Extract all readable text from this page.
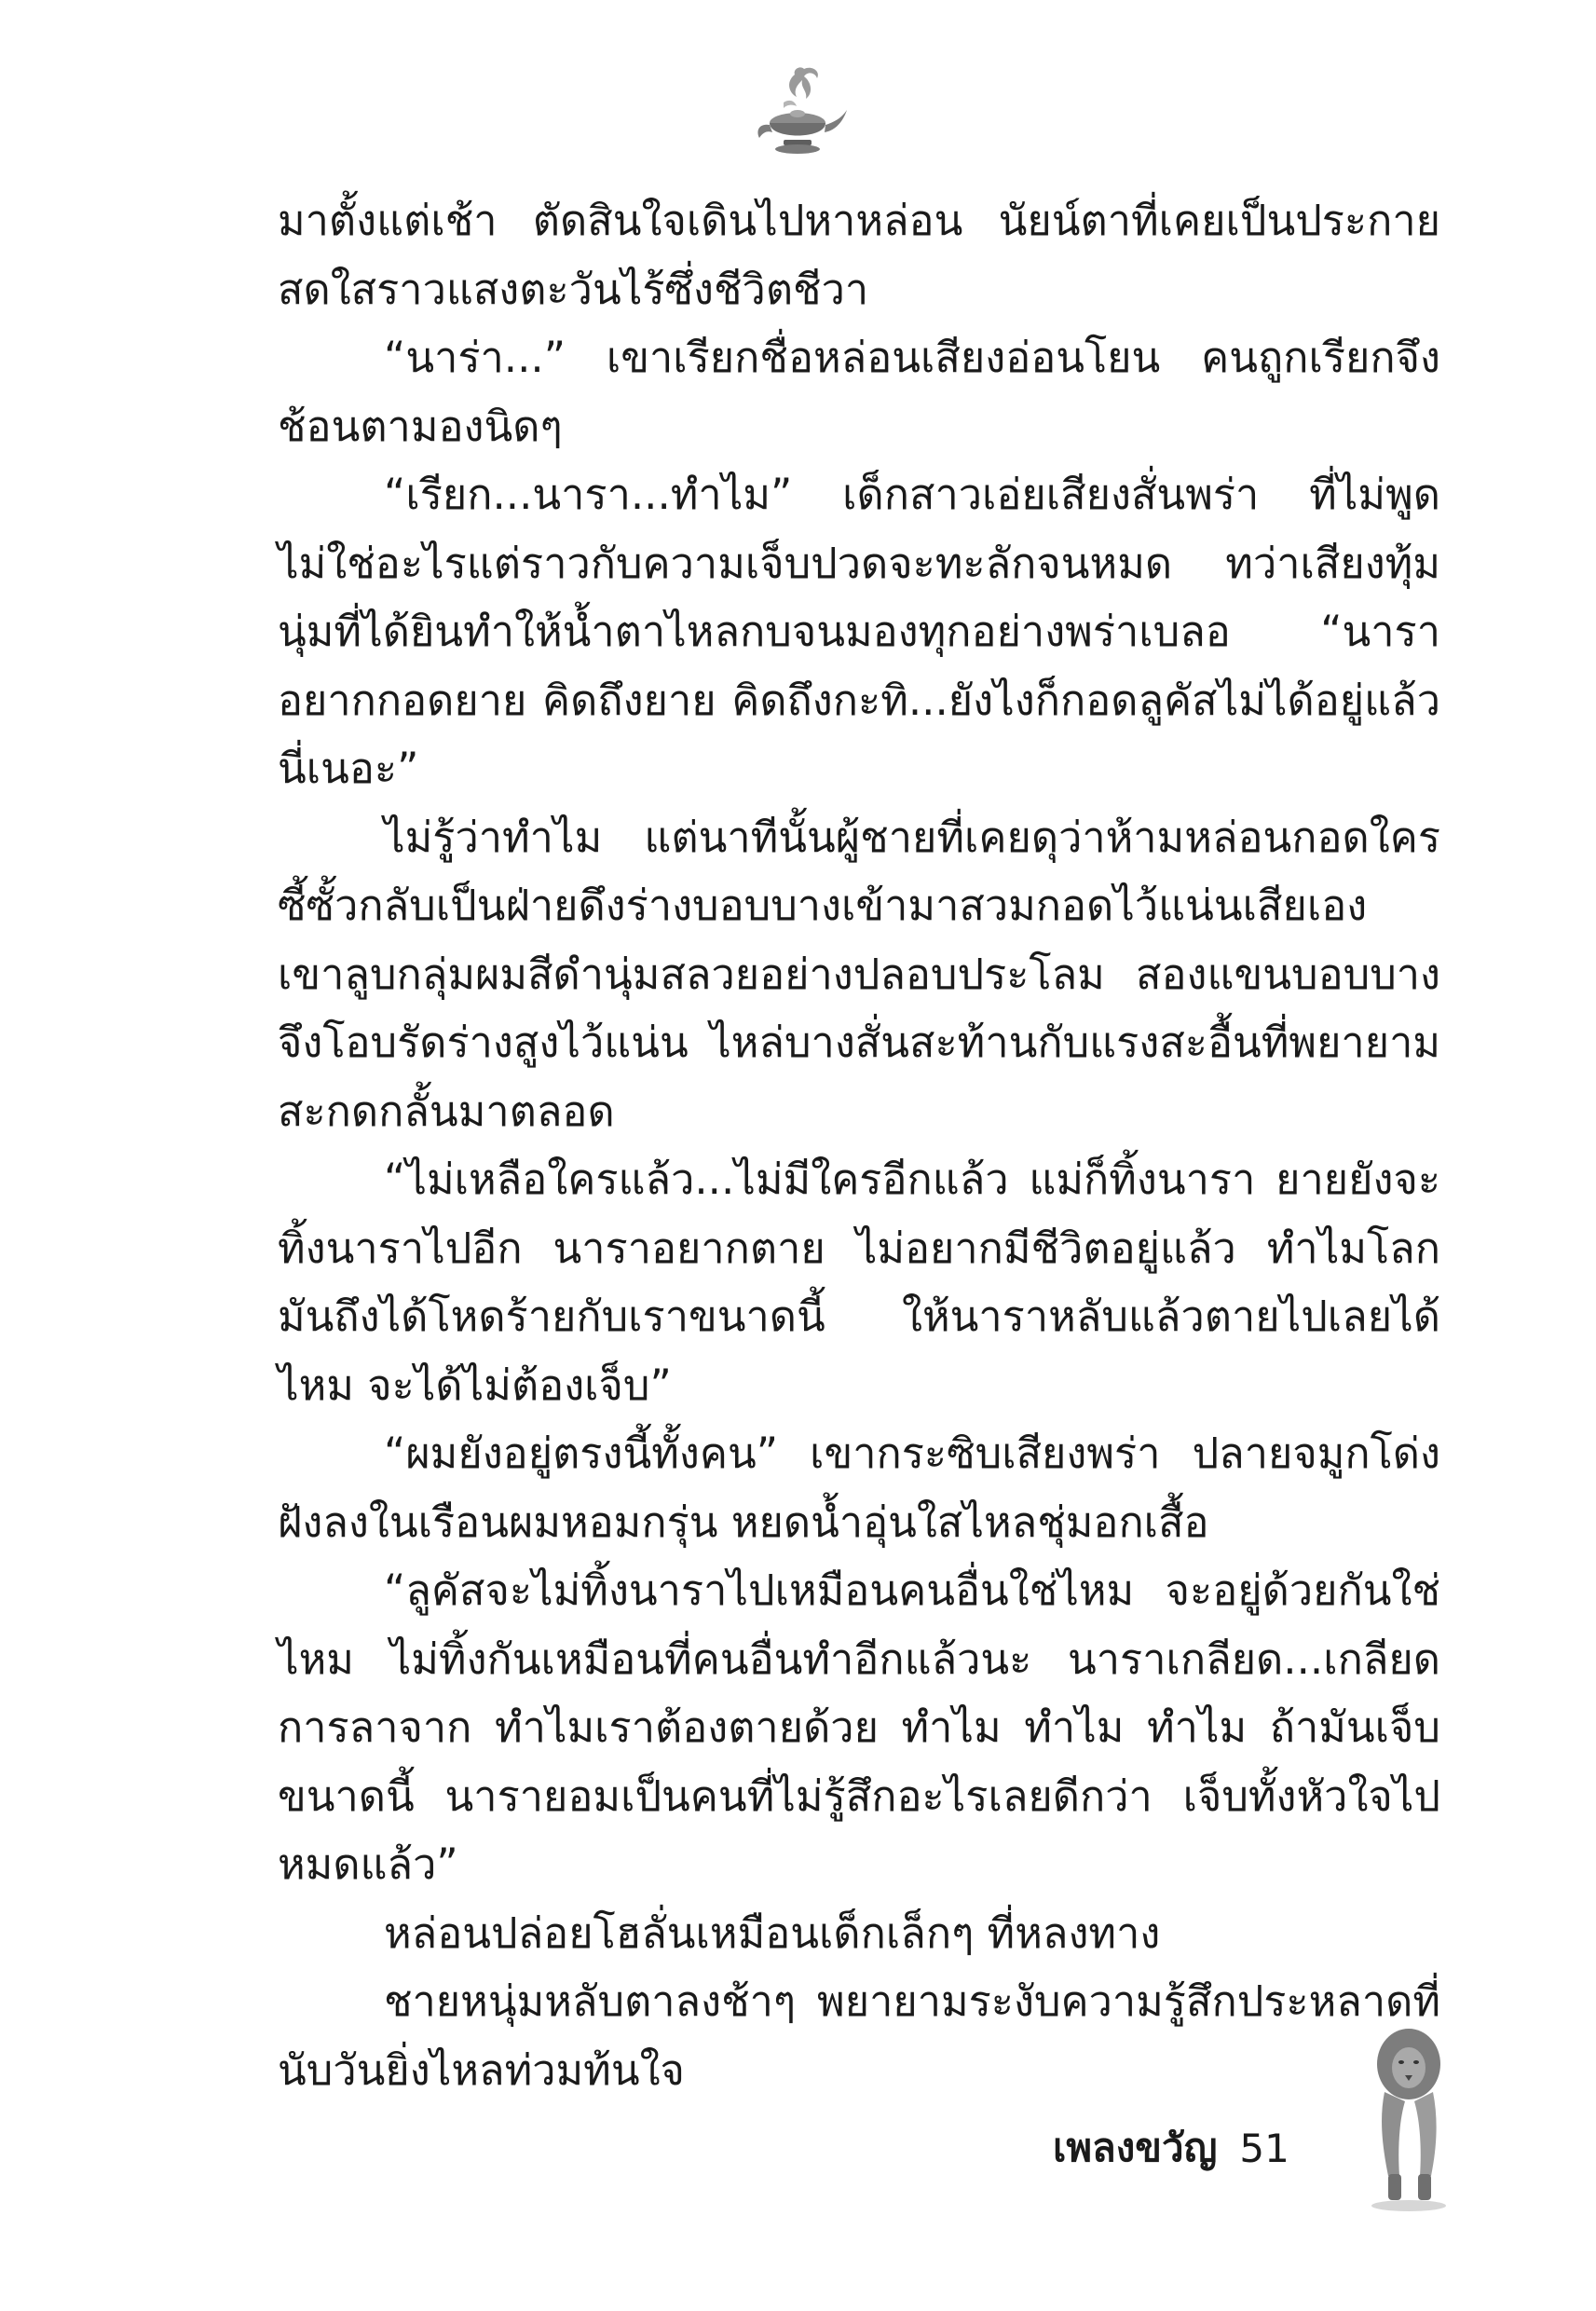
มาตั้งแต่เช้า ตัดสินใจเดินไปหาหล่อน นัยน์ตาที่เคยเป็นประกายสดใสราวแสงตะวันไร้ซึ่งชีวิตชีวา

“นาร่า...” เขาเรียกชื่อหล่อนเสียงอ่อนโยน คนถูกเรียกจึงช้อนตามองนิดๆ

“เรียก...นารา...ทำไม” เด็กสาวเอ่ยเสียงสั่นพร่า ที่ไม่พูดไม่ใช่อะไรแต่ราวกับความเจ็บปวดจะทะลักจนหมด ทว่าเสียงทุ้มนุ่มที่ได้ยินทำให้น้ำตาไหลกบจนมองทุกอย่างพร่าเบลอ “นาราอยากกอดยาย คิดถึงยาย คิดถึงกะทิ...ยังไงก็กอดลูคัสไม่ได้อยู่แล้วนี่เนอะ”

ไม่รู้ว่าทำไม แต่นาทีนั้นผู้ชายที่เคยดุว่าห้ามหล่อนกอดใครซี้ซั้วกลับเป็นฝ่ายดึงร่างบอบบางเข้ามาสวมกอดไว้แน่นเสียเอง เขาลูบกลุ่มผมสีดำนุ่มสลวยอย่างปลอบประโลม สองแขนบอบบางจึงโอบรัดร่างสูงไว้แน่น ไหล่บางสั่นสะท้านกับแรงสะอื้นที่พยายามสะกดกลั้นมาตลอด

“ไม่เหลือใครแล้ว...ไม่มีใครอีกแล้ว แม่ก็ทิ้งนารา ยายยังจะทิ้งนาราไปอีก นาราอยากตาย ไม่อยากมีชีวิตอยู่แล้ว ทำไมโลกมันถึงได้โหดร้ายกับเราขนาดนี้ ให้นาราหลับแล้วตายไปเลยได้ไหม จะได้ไม่ต้องเจ็บ”

“ผมยังอยู่ตรงนี้ทั้งคน” เขากระซิบเสียงพร่า ปลายจมูกโด่งฝังลงในเรือนผมหอมกรุ่น หยดน้ำอุ่นใสไหลชุ่มอกเสื้อ

“ลูคัสจะไม่ทิ้งนาราไปเหมือนคนอื่นใช่ไหม จะอยู่ด้วยกันใช่ไหม ไม่ทิ้งกันเหมือนที่คนอื่นทำอีกแล้วนะ นาราเกลียด...เกลียดการลาจาก ทำไมเราต้องตายด้วย ทำไม ทำไม ทำไม ถ้ามันเจ็บขนาดนี้ นารายอมเป็นคนที่ไม่รู้สึกอะไรเลยดีกว่า เจ็บทั้งหัวใจไปหมดแล้ว”

หล่อนปล่อยโฮลั่นเหมือนเด็กเล็กๆ ที่หลงทาง

ชายหนุ่มหลับตาลงช้าๆ พยายามระงับความรู้สึกประหลาดที่นับวันยิ่งไหลท่วมท้นใจ

เพลงขวัญ 51
